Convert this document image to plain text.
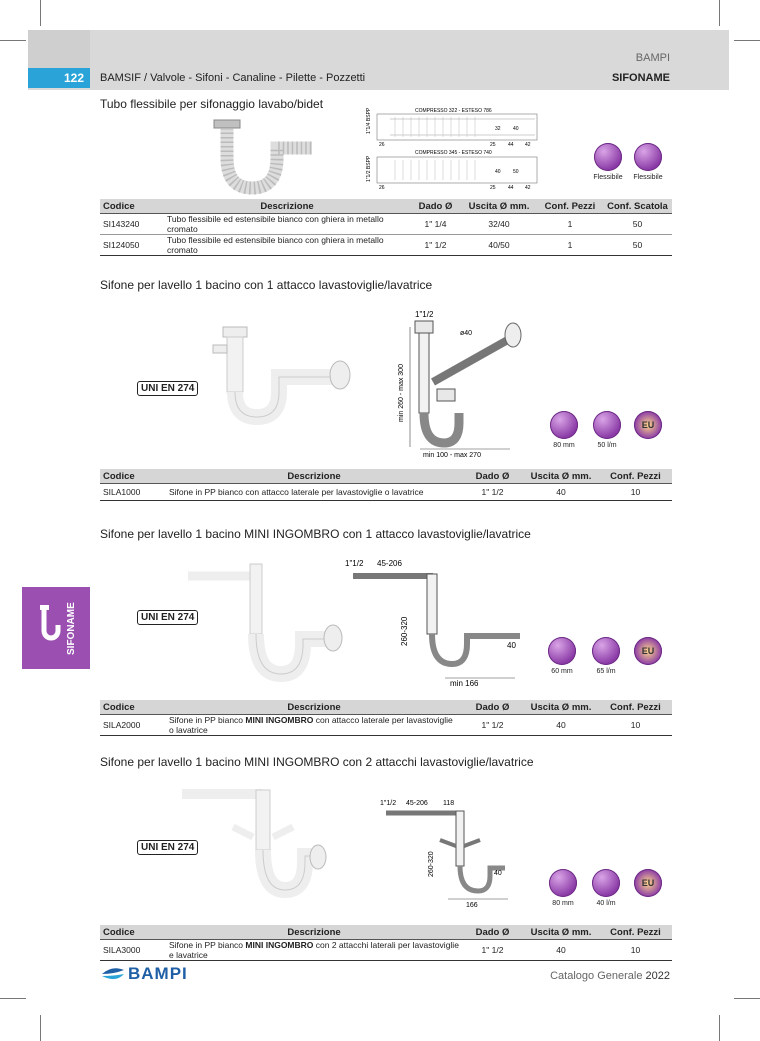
BAMPI
122	BAMSIF / Valvole - Sifoni - Canaline - Pilette - Pozzetti	SIFONAME
SIFONAME
Tubo flessibile per sifonaggio lavabo/bidet	COMPRESSO 322 - ESTESO 786
1"1/4 BSPP
26	25 44 42
32 40
COMPRESSO 345 - ESTESO 740
1"1/2 BSPP
26	25 44 42
40 50
Flessibile	Flessibile
Codice	Descrizione	Dado Ø	Uscita Ø mm.	Conf. Pezzi	Conf. Scatola
SI143240	Tubo flessibile ed estensibile bianco con ghiera in metallo cromato	1" 1/4	32/40	1	50
SI124050	Tubo flessibile ed estensibile bianco con ghiera in metallo cromato	1" 1/2	40/50	1	50
Sifone per lavello 1 bacino con 1 attacco lavastoviglie/lavatrice
UNI EN 274
1"1/2
ø40
min 260 - max 300
min 100 - max 270
EU
80 mm	50 l/m
Codice	Descrizione	Dado Ø	Uscita Ø mm.	Conf. Pezzi
SILA1000	Sifone in PP bianco con attacco laterale per lavastoviglie o lavatrice	1" 1/2	40	10
Sifone per lavello 1 bacino MINI INGOMBRO con 1 attacco lavastoviglie/lavatrice
UNI EN 274
1"1/2 45-206
260-320	40
min 166
EU
60 mm	65 l/m
Codice	Descrizione	Dado Ø	Uscita Ø mm.	Conf. Pezzi
SILA2000	Sifone in PP bianco MINI INGOMBRO con attacco laterale per lavastoviglie o lavatrice	1" 1/2	40	10
Sifone per lavello 1 bacino MINI INGOMBRO con 2 attacchi lavastoviglie/lavatrice
UNI EN 274
1"1/2 45-206 118
260-320	40
166
EU
80 mm	40 l/m
Codice	Descrizione	Dado Ø	Uscita Ø mm.	Conf. Pezzi
SILA3000	Sifone in PP bianco MINI INGOMBRO con 2 attacchi laterali per lavastoviglie e lavatrice	1" 1/2	40	10
BAMPI	Catalogo Generale 2022
